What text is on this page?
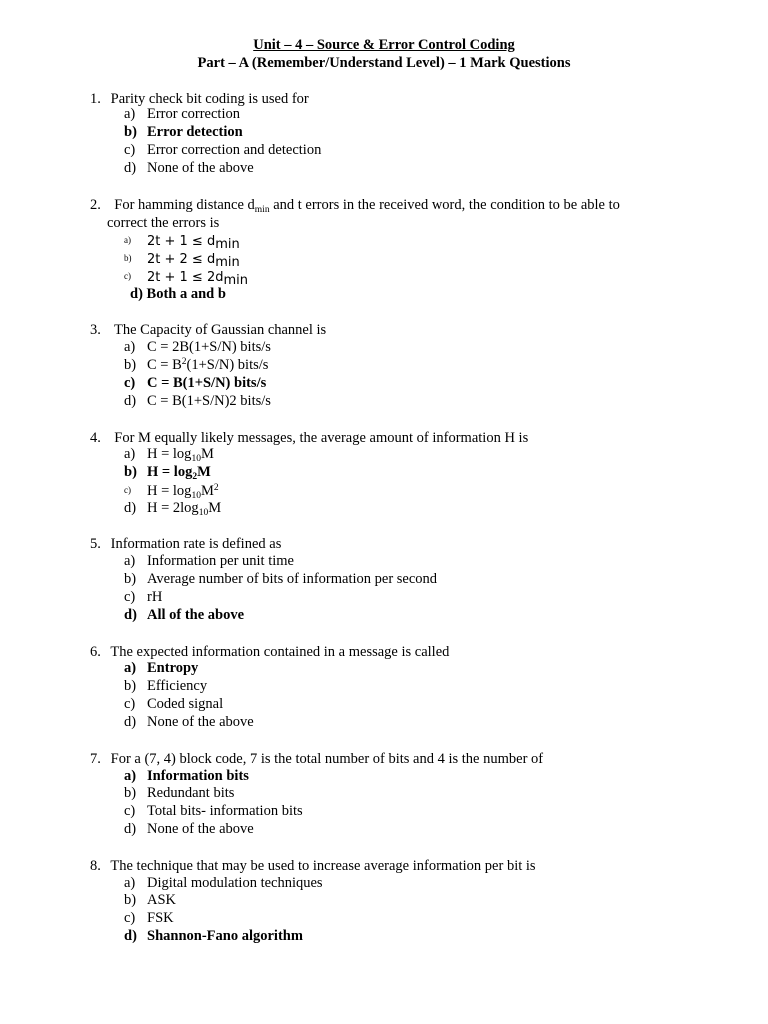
Unit – 4 – Source & Error Control Coding
Part – A (Remember/Understand Level) – 1 Mark Questions
1. Parity check bit coding is used for
a) Error correction
b) Error detection
c) Error correction and detection
d) None of the above
2. For hamming distance $d_{min}$ and t errors in the received word, the condition to be able to
correct the errors is
a) $2t + 1 \le d_{min}$
b) $2t + 2 \le d_{min}$
c) $2t + 1 \le 2d_{min}$
d) Both a and b
3. The Capacity of Gaussian channel is
a) C = 2B(1+S/N) bits/s
b) $C = B^2(1+S/N)$ bits/s
c) C = B(1+S/N) bits/s
d) C = B(1+S/N)2 bits/s
4. For M equally likely messages, the average amount of information H is
a) $H = \log_{10}M$
b) $H = \log_2M$
c) $H = \log_{10}M^2$
d) $H = 2\log_{10}M$
5. Information rate is defined as
a) Information per unit time
b) Average number of bits of information per second
c) rH
d) All of the above
6. The expected information contained in a message is called
a) Entropy
b) Efficiency
c) Coded signal
d) None of the above
7. For a (7, 4) block code, 7 is the total number of bits and 4 is the number of
a) Information bits
b) Redundant bits
c) Total bits- information bits
d) None of the above
8. The technique that may be used to increase average information per bit is
a) Digital modulation techniques
b) ASK
c) FSK
d) Shannon-Fano algorithm
